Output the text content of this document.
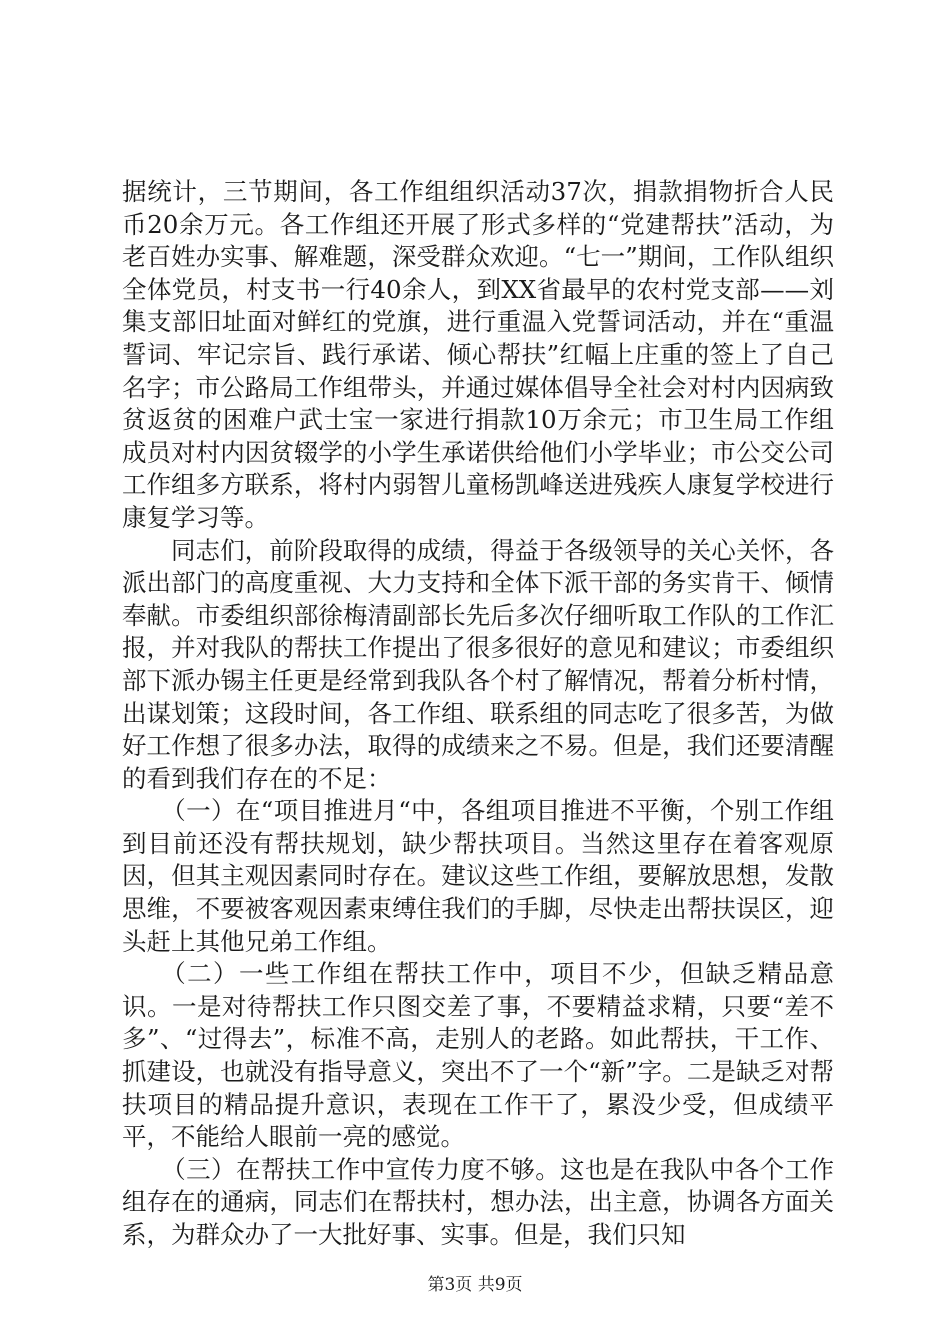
据统计，三节期间，各工作组组织活动37次，捐款捐物折合人民币20余万元。各工作组还开展了形式多样的“党建帮扶”活动，为老百姓办实事、解难题，深受群众欢迎。“七一”期间，工作队组织全体党员，村支书一行40余人，到XX省最早的农村党支部——刘集支部旧址面对鲜红的党旗，进行重温入党誓词活动，并在“重温誓词、牢记宗旨、践行承诺、倾心帮扶”红幅上庄重的签上了自己名字；市公路局工作组带头，并通过媒体倡导全社会对村内因病致贫返贫的困难户武士宝一家进行捐款10万余元；市卫生局工作组成员对村内因贫辍学的小学生承诺供给他们小学毕业；市公交公司工作组多方联系，将村内弱智儿童杨凯峰送进残疾人康复学校进行康复学习等。

同志们，前阶段取得的成绩，得益于各级领导的关心关怀，各派出部门的高度重视、大力支持和全体下派干部的务实肯干、倾情奉献。市委组织部徐梅清副部长先后多次仔细听取工作队的工作汇报，并对我队的帮扶工作提出了很多很好的意见和建议；市委组织部下派办锡主任更是经常到我队各个村了解情况，帮着分析村情，出谋划策；这段时间，各工作组、联系组的同志吃了很多苦，为做好工作想了很多办法，取得的成绩来之不易。但是，我们还要清醒的看到我们存在的不足：

（一）在“项目推进月“中，各组项目推进不平衡，个别工作组到目前还没有帮扶规划，缺少帮扶项目。当然这里存在着客观原因，但其主观因素同时存在。建议这些工作组，要解放思想，发散思维，不要被客观因素束缚住我们的手脚，尽快走出帮扶误区，迎头赶上其他兄弟工作组。

（二）一些工作组在帮扶工作中，项目不少，但缺乏精品意识。一是对待帮扶工作只图交差了事，不要精益求精，只要“差不多”、“过得去”，标准不高，走别人的老路。如此帮扶，干工作、抓建设，也就没有指导意义，突出不了一个“新”字。二是缺乏对帮扶项目的精品提升意识，表现在工作干了，累没少受，但成绩平平，不能给人眼前一亮的感觉。

（三）在帮扶工作中宣传力度不够。这也是在我队中各个工作组存在的通病，同志们在帮扶村，想办法，出主意，协调各方面关系，为群众办了一大批好事、实事。但是，我们只知

第3页 共9页
